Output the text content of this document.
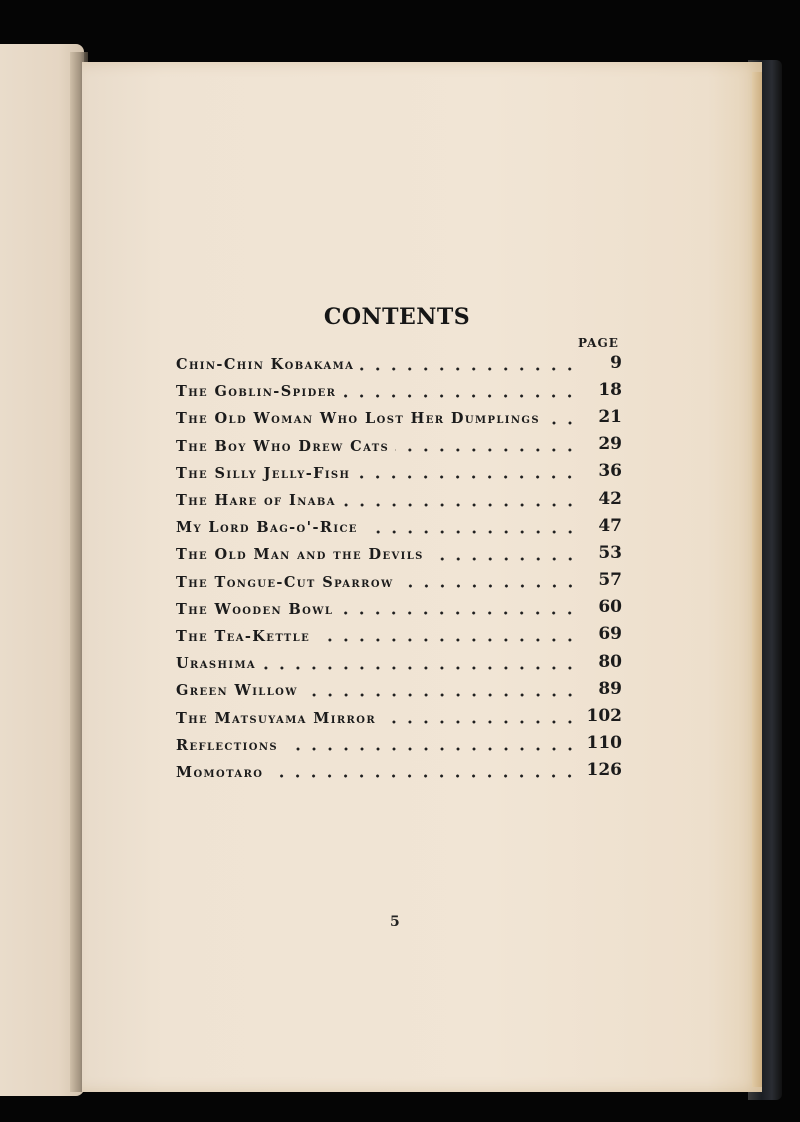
CONTENTS
PAGE
Chin-Chin Kobakama	9
The Goblin-Spider	18
The Old Woman Who Lost Her Dumplings	21
The Boy Who Drew Cats	29
The Silly Jelly-Fish	36
The Hare of Inaba	42
My Lord Bag-o'-Rice	47
The Old Man and the Devils	53
The Tongue-Cut Sparrow	57
The Wooden Bowl	60
The Tea-Kettle	69
Urashima	80
Green Willow	89
The Matsuyama Mirror	102
Reflections	110
Momotaro	126
5
